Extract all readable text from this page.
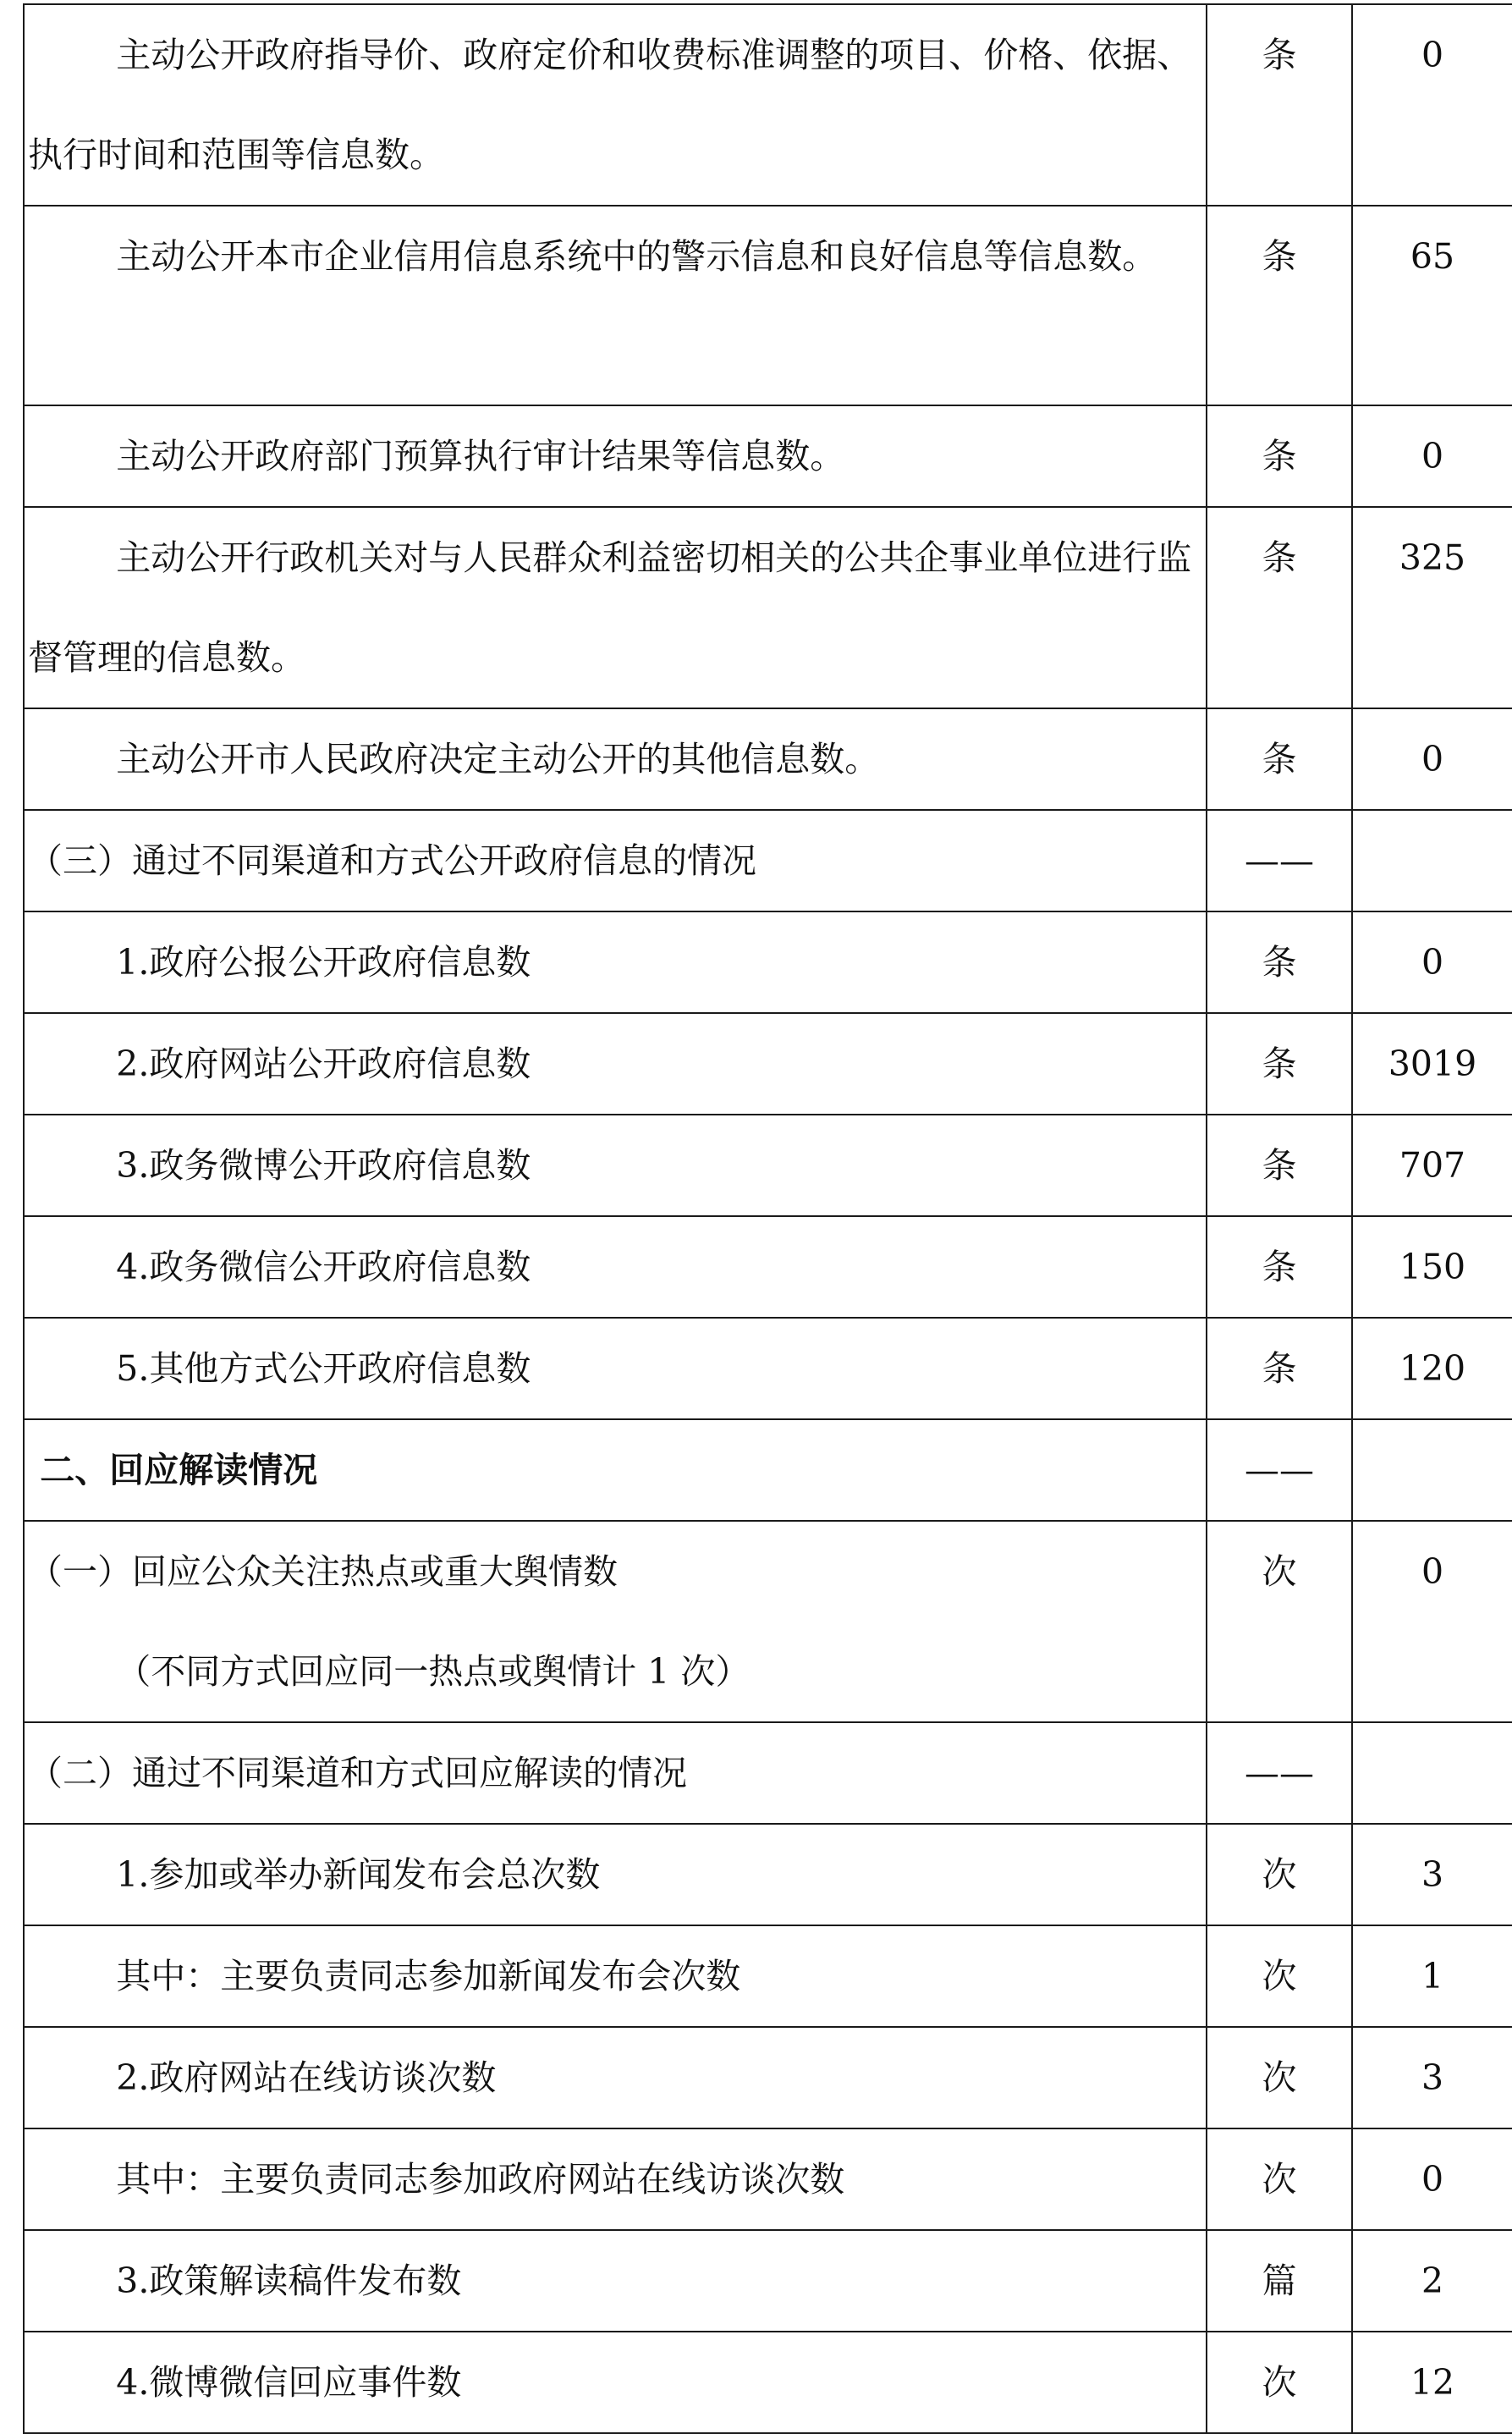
主动公开政府指导价、政府定价和收费标准调整的项目、价格、依据、执行时间和范围等信息数。	条	0
主动公开本市企业信用信息系统中的警示信息和良好信息等信息数。	条	65
主动公开政府部门预算执行审计结果等信息数。	条	0
主动公开行政机关对与人民群众利益密切相关的公共企事业单位进行监督管理的信息数。	条	325
主动公开市人民政府决定主动公开的其他信息数。	条	0
（三）通过不同渠道和方式公开政府信息的情况	——	
1.政府公报公开政府信息数	条	0
2.政府网站公开政府信息数	条	3019
3.政务微博公开政府信息数	条	707
4.政务微信公开政府信息数	条	150
5.其他方式公开政府信息数	条	120
二、回应解读情况	——	
（一）回应公众关注热点或重大舆情数
（不同方式回应同一热点或舆情计 1 次）	次	0
（二）通过不同渠道和方式回应解读的情况	——	
1.参加或举办新闻发布会总次数	次	3
其中：主要负责同志参加新闻发布会次数	次	1
2.政府网站在线访谈次数	次	3
其中：主要负责同志参加政府网站在线访谈次数	次	0
3.政策解读稿件发布数	篇	2
4.微博微信回应事件数	次	12
